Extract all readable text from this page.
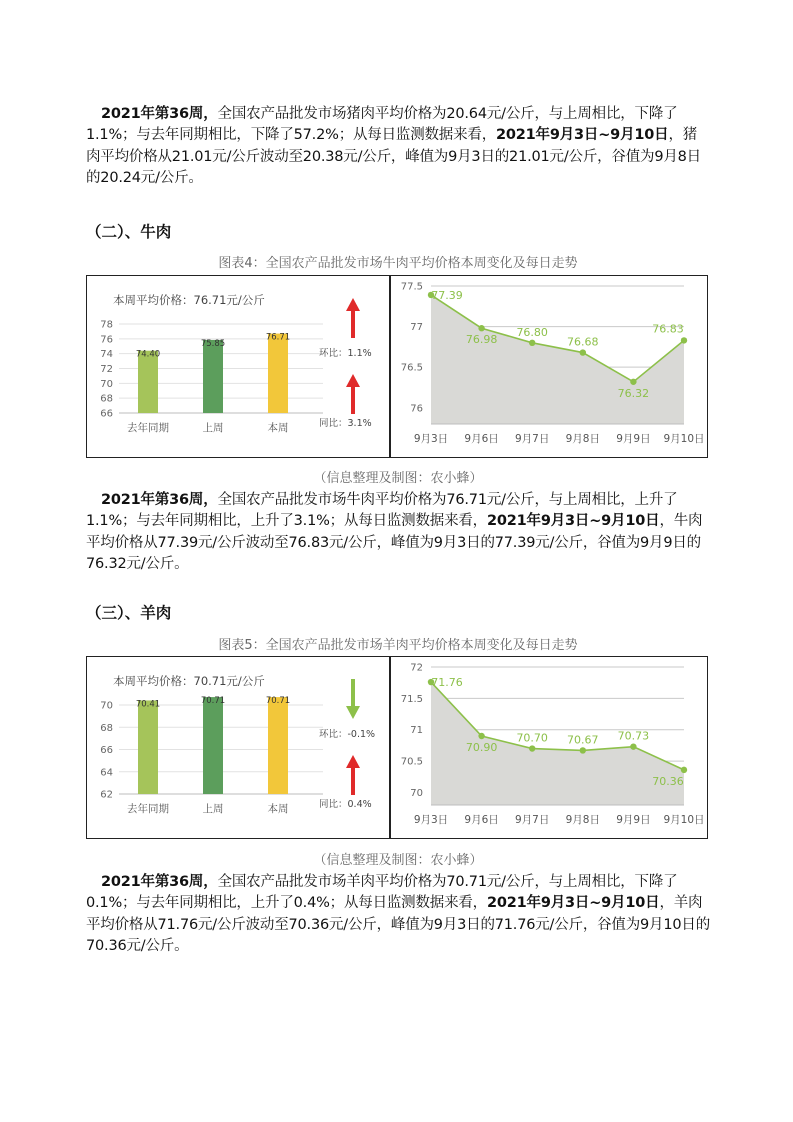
2021年第36周，全国农产品批发市场猪肉平均价格为20.64元/公斤，与上周相比，下降了1.1%；与去年同期相比，下降了57.2%；从每日监测数据来看，2021年9月3日~9月10日，猪肉平均价格从21.01元/公斤波动至20.38元/公斤，峰值为9月3日的21.01元/公斤，谷值为9月8日的20.24元/公斤。

（二）、牛肉
图表4：全国农产品批发市场牛肉平均价格本周变化及每日走势
本周平均价格：76.71元/公斤
66
68
70
72
74
76
78
74.40
去年同期
75.85
上周
76.71
本周
环比：1.1%
同比：3.1%
76
76.5
77
77.5
77.39
76.98
76.80
76.68
76.32
76.83
9月3日 9月6日 9月7日 9月8日 9月9日 9月10日
（信息整理及制图：农小蜂）

2021年第36周，全国农产品批发市场牛肉平均价格为76.71元/公斤，与上周相比，上升了1.1%；与去年同期相比，上升了3.1%；从每日监测数据来看，2021年9月3日~9月10日，牛肉平均价格从77.39元/公斤波动至76.83元/公斤，峰值为9月3日的77.39元/公斤，谷值为9月9日的76.32元/公斤。

（三）、羊肉
图表5：全国农产品批发市场羊肉平均价格本周变化及每日走势
本周平均价格：70.71元/公斤
62
64
66
68
70	70.41
去年同期
70.71
上周
70.71
本周
环比：-0.1%
同比：0.4%
70
70.5
71
71.5
72
71.76
70.90
70.70 70.67 70.73
70.36
9月3日 9月6日 9月7日 9月8日 9月9日 9月10日
（信息整理及制图：农小蜂）

2021年第36周，全国农产品批发市场羊肉平均价格为70.71元/公斤，与上周相比，下降了0.1%；与去年同期相比，上升了0.4%；从每日监测数据来看，2021年9月3日~9月10日，羊肉平均价格从71.76元/公斤波动至70.36元/公斤，峰值为9月3日的71.76元/公斤，谷值为9月10日的70.36元/公斤。
